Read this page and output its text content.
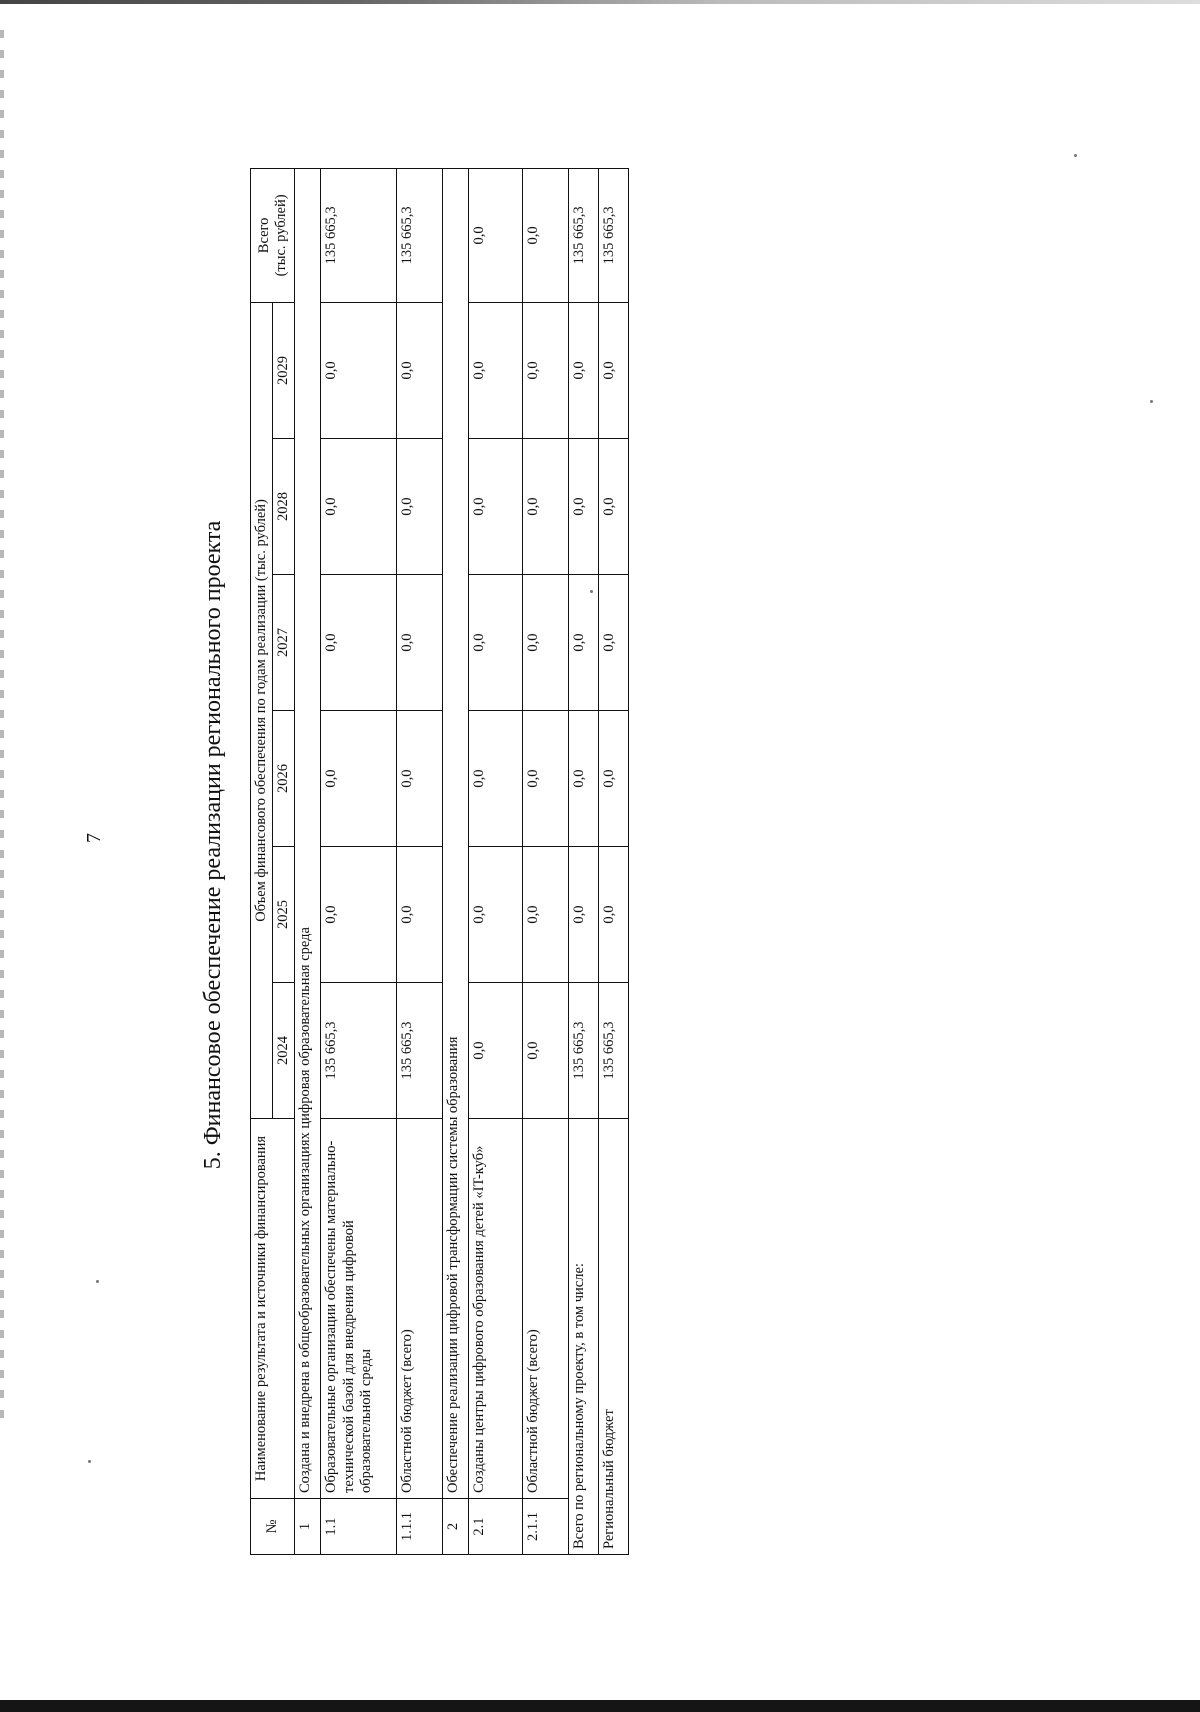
7	5. Финансовое обеспечение реализации регионального проекта
№	Наименование результата и источники финансирования	Объем финансового обеспечения по годам реализации (тыс. рублей)						Всего (тыс. рублей)

		2024	2025	2026	2027	2028	2029	
1	Создана и внедрена в общеобразовательных организациях цифровая образовательная среда							
1.1	Образовательные организации обеспечены материально-технической базой для внедрения цифровой образовательной среды	135 665,3	0,0	0,0	0,0	0,0	0,0	135 665,3
1.1.1	Областной бюджет (всего)	135 665,3	0,0	0,0	0,0	0,0	0,0	135 665,3
2	Обеспечение реализации цифровой трансформации системы образования							
2.1	Созданы центры цифрового образования детей «IT-куб»	0,0	0,0	0,0	0,0	0,0	0,0	0,0
2.1.1	Областной бюджет (всего)	0,0	0,0	0,0	0,0	0,0	0,0	0,0
Всего по региональному проекту, в том числе:		135 665,3	0,0	0,0	0,0	0,0	0,0	135 665,3
Региональный бюджет		135 665,3	0,0	0,0	0,0	0,0	0,0	135 665,3
